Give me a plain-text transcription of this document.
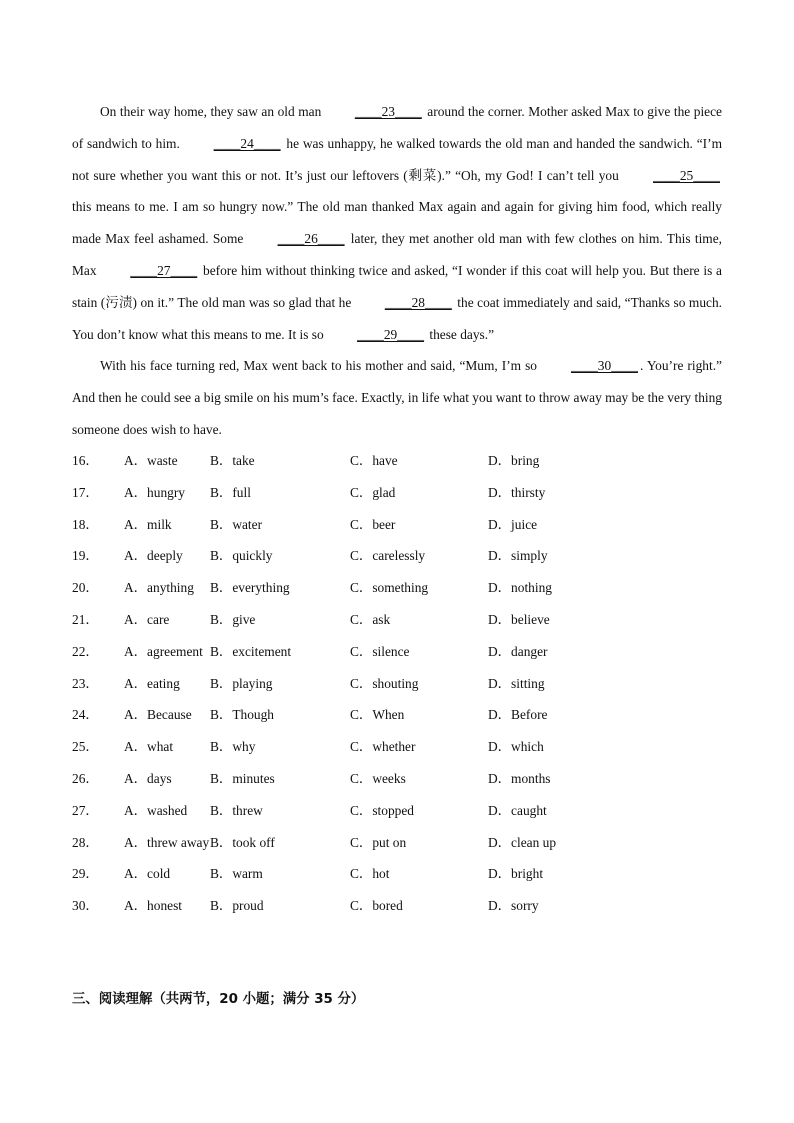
On their way home, they saw an old man ____23____ around the corner. Mother asked Max to give the piece of sandwich to him. ____24____ he was unhappy, he walked towards the old man and handed the sandwich. “I’m not sure whether you want this or not. It’s just our leftovers (剩菜).” “Oh, my God! I can’t tell you ____25____ this means to me. I am so hungry now.” The old man thanked Max again and again for giving him food, which really made Max feel ashamed. Some ____26____ later, they met another old man with few clothes on him. This time, Max ____27____ before him without thinking twice and asked, “I wonder if this coat will help you. But there is a stain (污渍) on it.” The old man was so glad that he ____28____ the coat immediately and said, “Thanks so much. You don’t know what this means to me. It is so ____29____ these days.”

With his face turning red, Max went back to his mother and said, “Mum, I’m so ____30____ . You’re right.” And then he could see a big smile on his mum’s face. Exactly, in life what you want to throw away may be the very thing someone does wish to have.

16．	A．waste	B．take	C．have	D．bring
17．	A．hungry	B．full	C．glad	D．thirsty
18．	A．milk	B．water	C．beer	D．juice
19．	A．deeply	B．quickly	C．carelessly	D．simply
20．	A．anything	B．everything	C．something	D．nothing
21．	A．care	B．give	C．ask	D．believe
22．	A．agreement B．excitement	C．silence	D．danger
23．	A．eating	B．playing	C．shouting	D．sitting
24．	A．Because	B．Though	C．When	D．Before
25．	A．what	B．why	C．whether	D．which
26．	A．days	B．minutes	C．weeks	D．months
27．	A．washed	B．threw	C．stopped	D．caught
28．	A．threw away B．took off	C．put on	D．clean up
29．	A．cold	B．warm	C．hot	D．bright
30．	A．honest	B．proud	C．bored	D．sorry
三、阅读理解（共两节，20 小题；满分 35 分）
